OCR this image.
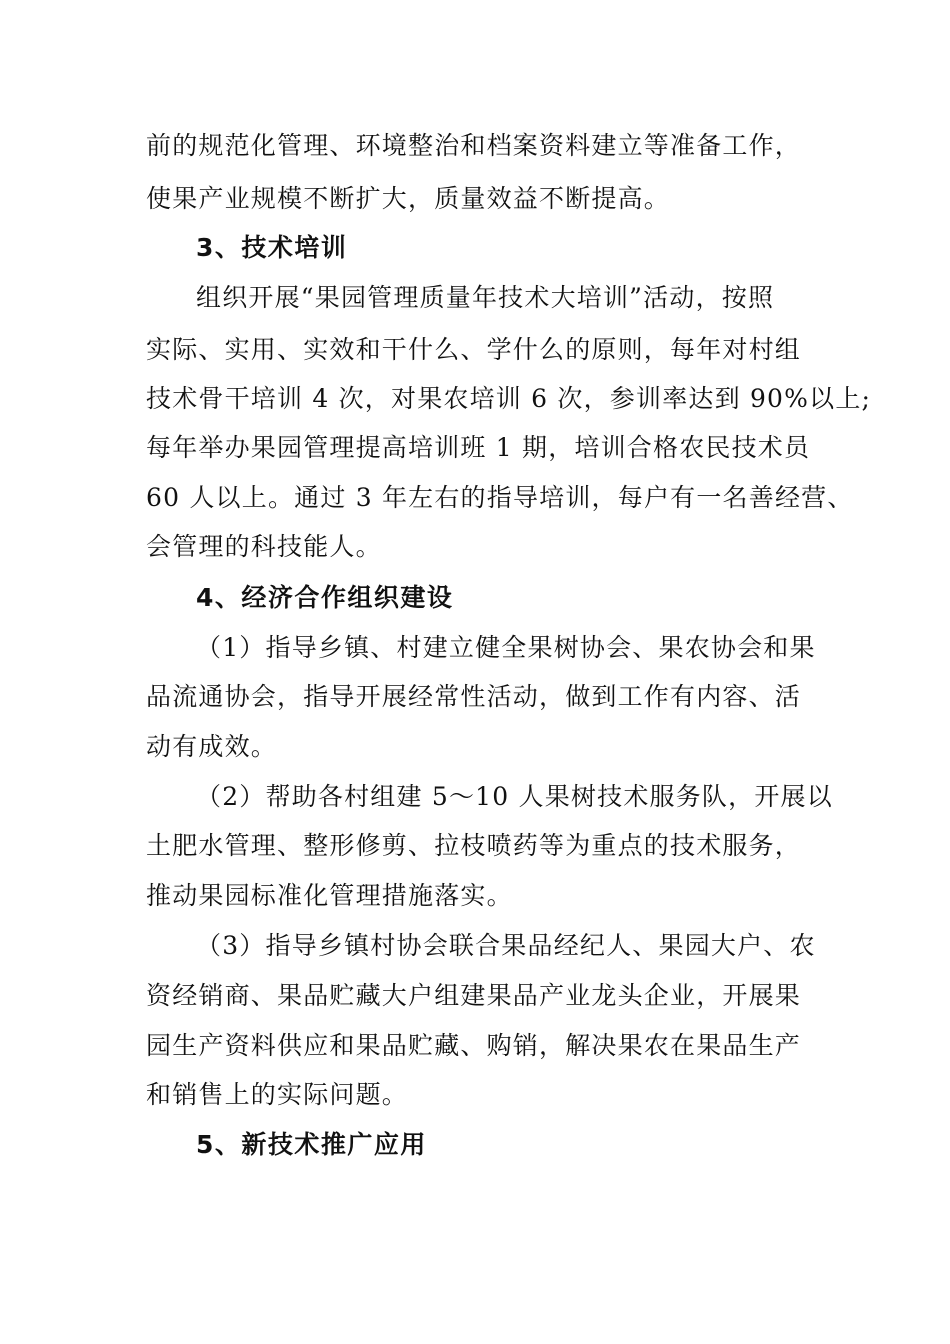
前的规范化管理、环境整治和档案资料建立等准备工作，
使果产业规模不断扩大，质量效益不断提高。
3、技术培训
组织开展“果园管理质量年技术大培训”活动，按照
实际、实用、实效和干什么、学什么的原则，每年对村组
技术骨干培训 4 次，对果农培训 6 次，参训率达到 90%以上;
每年举办果园管理提高培训班 1 期，培训合格农民技术员
60 人以上。通过 3 年左右的指导培训，每户有一名善经营、
会管理的科技能人。
4、经济合作组织建设
（1）指导乡镇、村建立健全果树协会、果农协会和果
品流通协会，指导开展经常性活动，做到工作有内容、活
动有成效。
（2）帮助各村组建 5～10 人果树技术服务队，开展以
土肥水管理、整形修剪、拉枝喷药等为重点的技术服务，
推动果园标准化管理措施落实。
（3）指导乡镇村协会联合果品经纪人、果园大户、农
资经销商、果品贮藏大户组建果品产业龙头企业，开展果
园生产资料供应和果品贮藏、购销，解决果农在果品生产
和销售上的实际问题。
5、新技术推广应用
